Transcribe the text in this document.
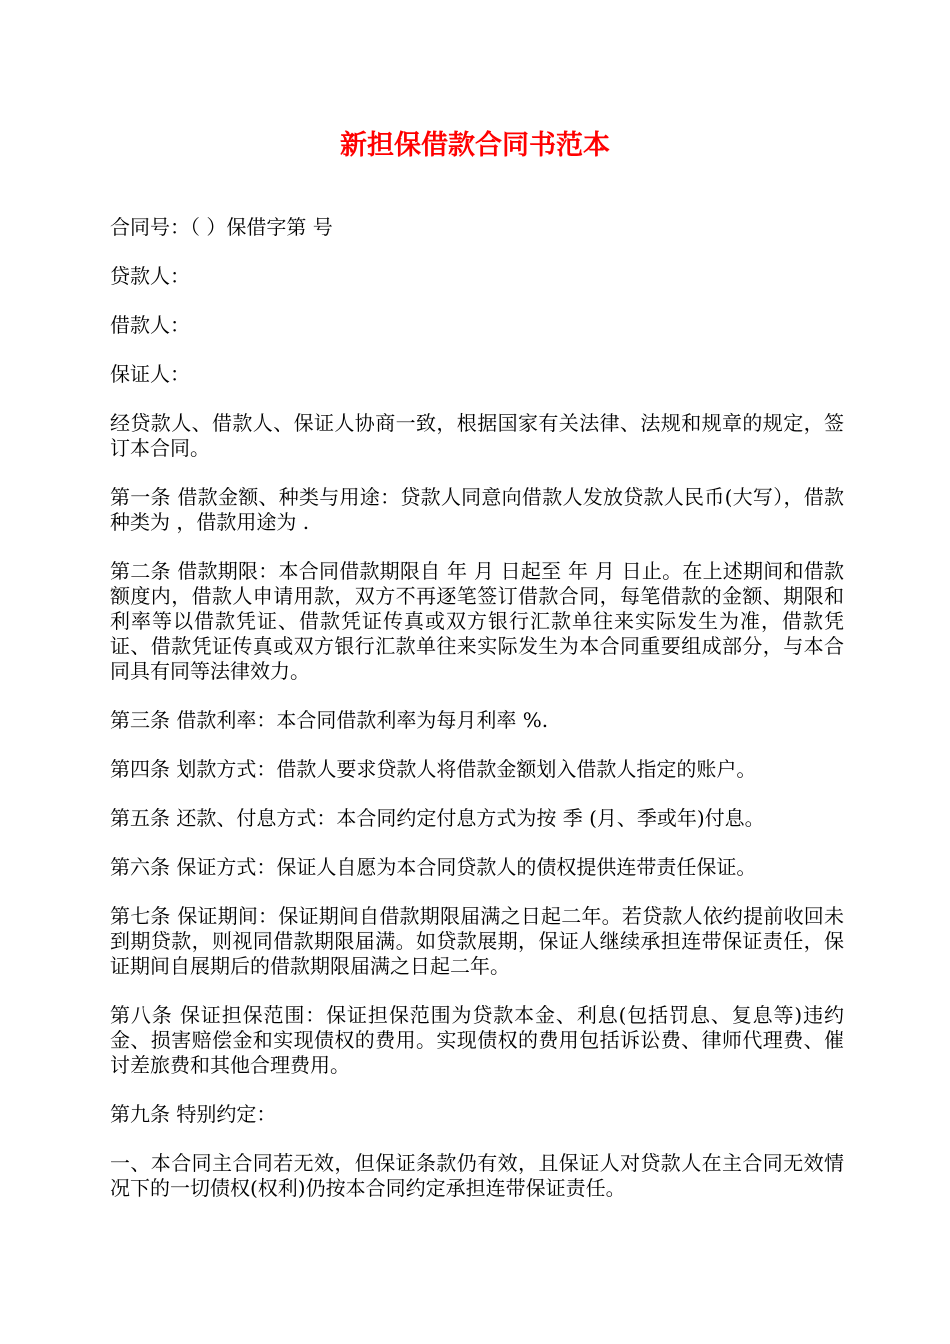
新担保借款合同书范本

合同号：（ ）保借字第 号

贷款人：

借款人：

保证人：

经贷款人、借款人、保证人协商一致，根据国家有关法律、法规和规章的规定，签订本合同。

第一条 借款金额、种类与用途：贷款人同意向借款人发放贷款人民币(大写），借款种类为 ，借款用途为 .

第二条 借款期限：本合同借款期限自 年 月 日起至 年 月 日止。在上述期间和借款额度内，借款人申请用款，双方不再逐笔签订借款合同，每笔借款的金额、期限和利率等以借款凭证、借款凭证传真或双方银行汇款单往来实际发生为准，借款凭证、借款凭证传真或双方银行汇款单往来实际发生为本合同重要组成部分，与本合同具有同等法律效力。

第三条 借款利率：本合同借款利率为每月利率 %.

第四条 划款方式：借款人要求贷款人将借款金额划入借款人指定的账户。

第五条 还款、付息方式：本合同约定付息方式为按 季 (月、季或年)付息。

第六条 保证方式：保证人自愿为本合同贷款人的债权提供连带责任保证。

第七条 保证期间：保证期间自借款期限届满之日起二年。若贷款人依约提前收回未到期贷款，则视同借款期限届满。如贷款展期，保证人继续承担连带保证责任，保证期间自展期后的借款期限届满之日起二年。

第八条 保证担保范围：保证担保范围为贷款本金、利息(包括罚息、复息等)违约金、损害赔偿金和实现债权的费用。实现债权的费用包括诉讼费、律师代理费、催讨差旅费和其他合理费用。

第九条 特别约定：

一、本合同主合同若无效，但保证条款仍有效，且保证人对贷款人在主合同无效情况下的一切债权(权利)仍按本合同约定承担连带保证责任。
